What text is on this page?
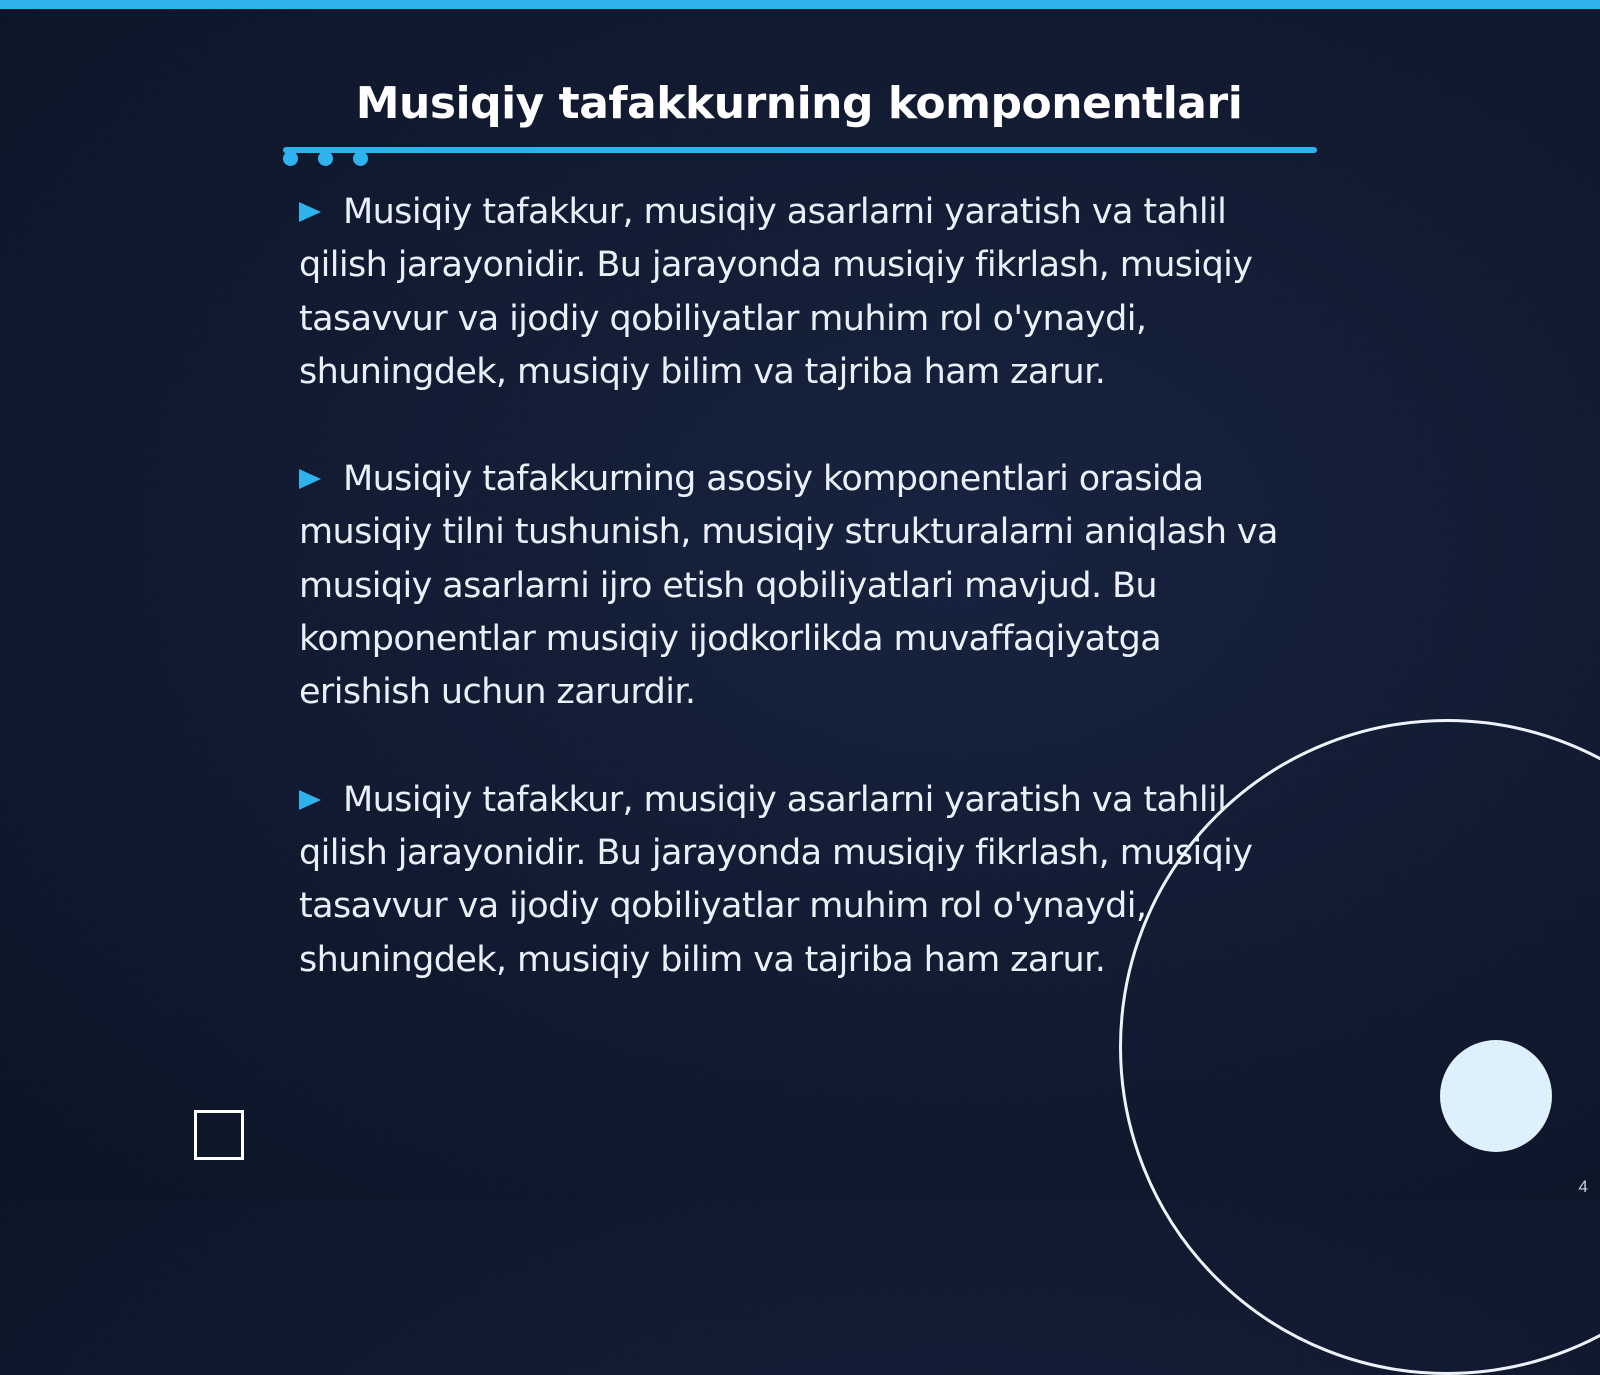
Musiqiy tafakkurning komponentlari

Musiqiy tafakkur, musiqiy asarlarni yaratish va tahlil qilish jarayonidir. Bu jarayonda musiqiy fikrlash, musiqiy tasavvur va ijodiy qobiliyatlar muhim rol o'ynaydi, shuningdek, musiqiy bilim va tajriba ham zarur.

Musiqiy tafakkurning asosiy komponentlari orasida musiqiy tilni tushunish, musiqiy strukturalarni aniqlash va musiqiy asarlarni ijro etish qobiliyatlari mavjud. Bu komponentlar musiqiy ijodkorlikda muvaffaqiyatga erishish uchun zarurdir.

Musiqiy tafakkur, musiqiy asarlarni yaratish va tahlil qilish jarayonidir. Bu jarayonda musiqiy fikrlash, musiqiy tasavvur va ijodiy qobiliyatlar muhim rol o'ynaydi, shuningdek, musiqiy bilim va tajriba ham zarur.

4
